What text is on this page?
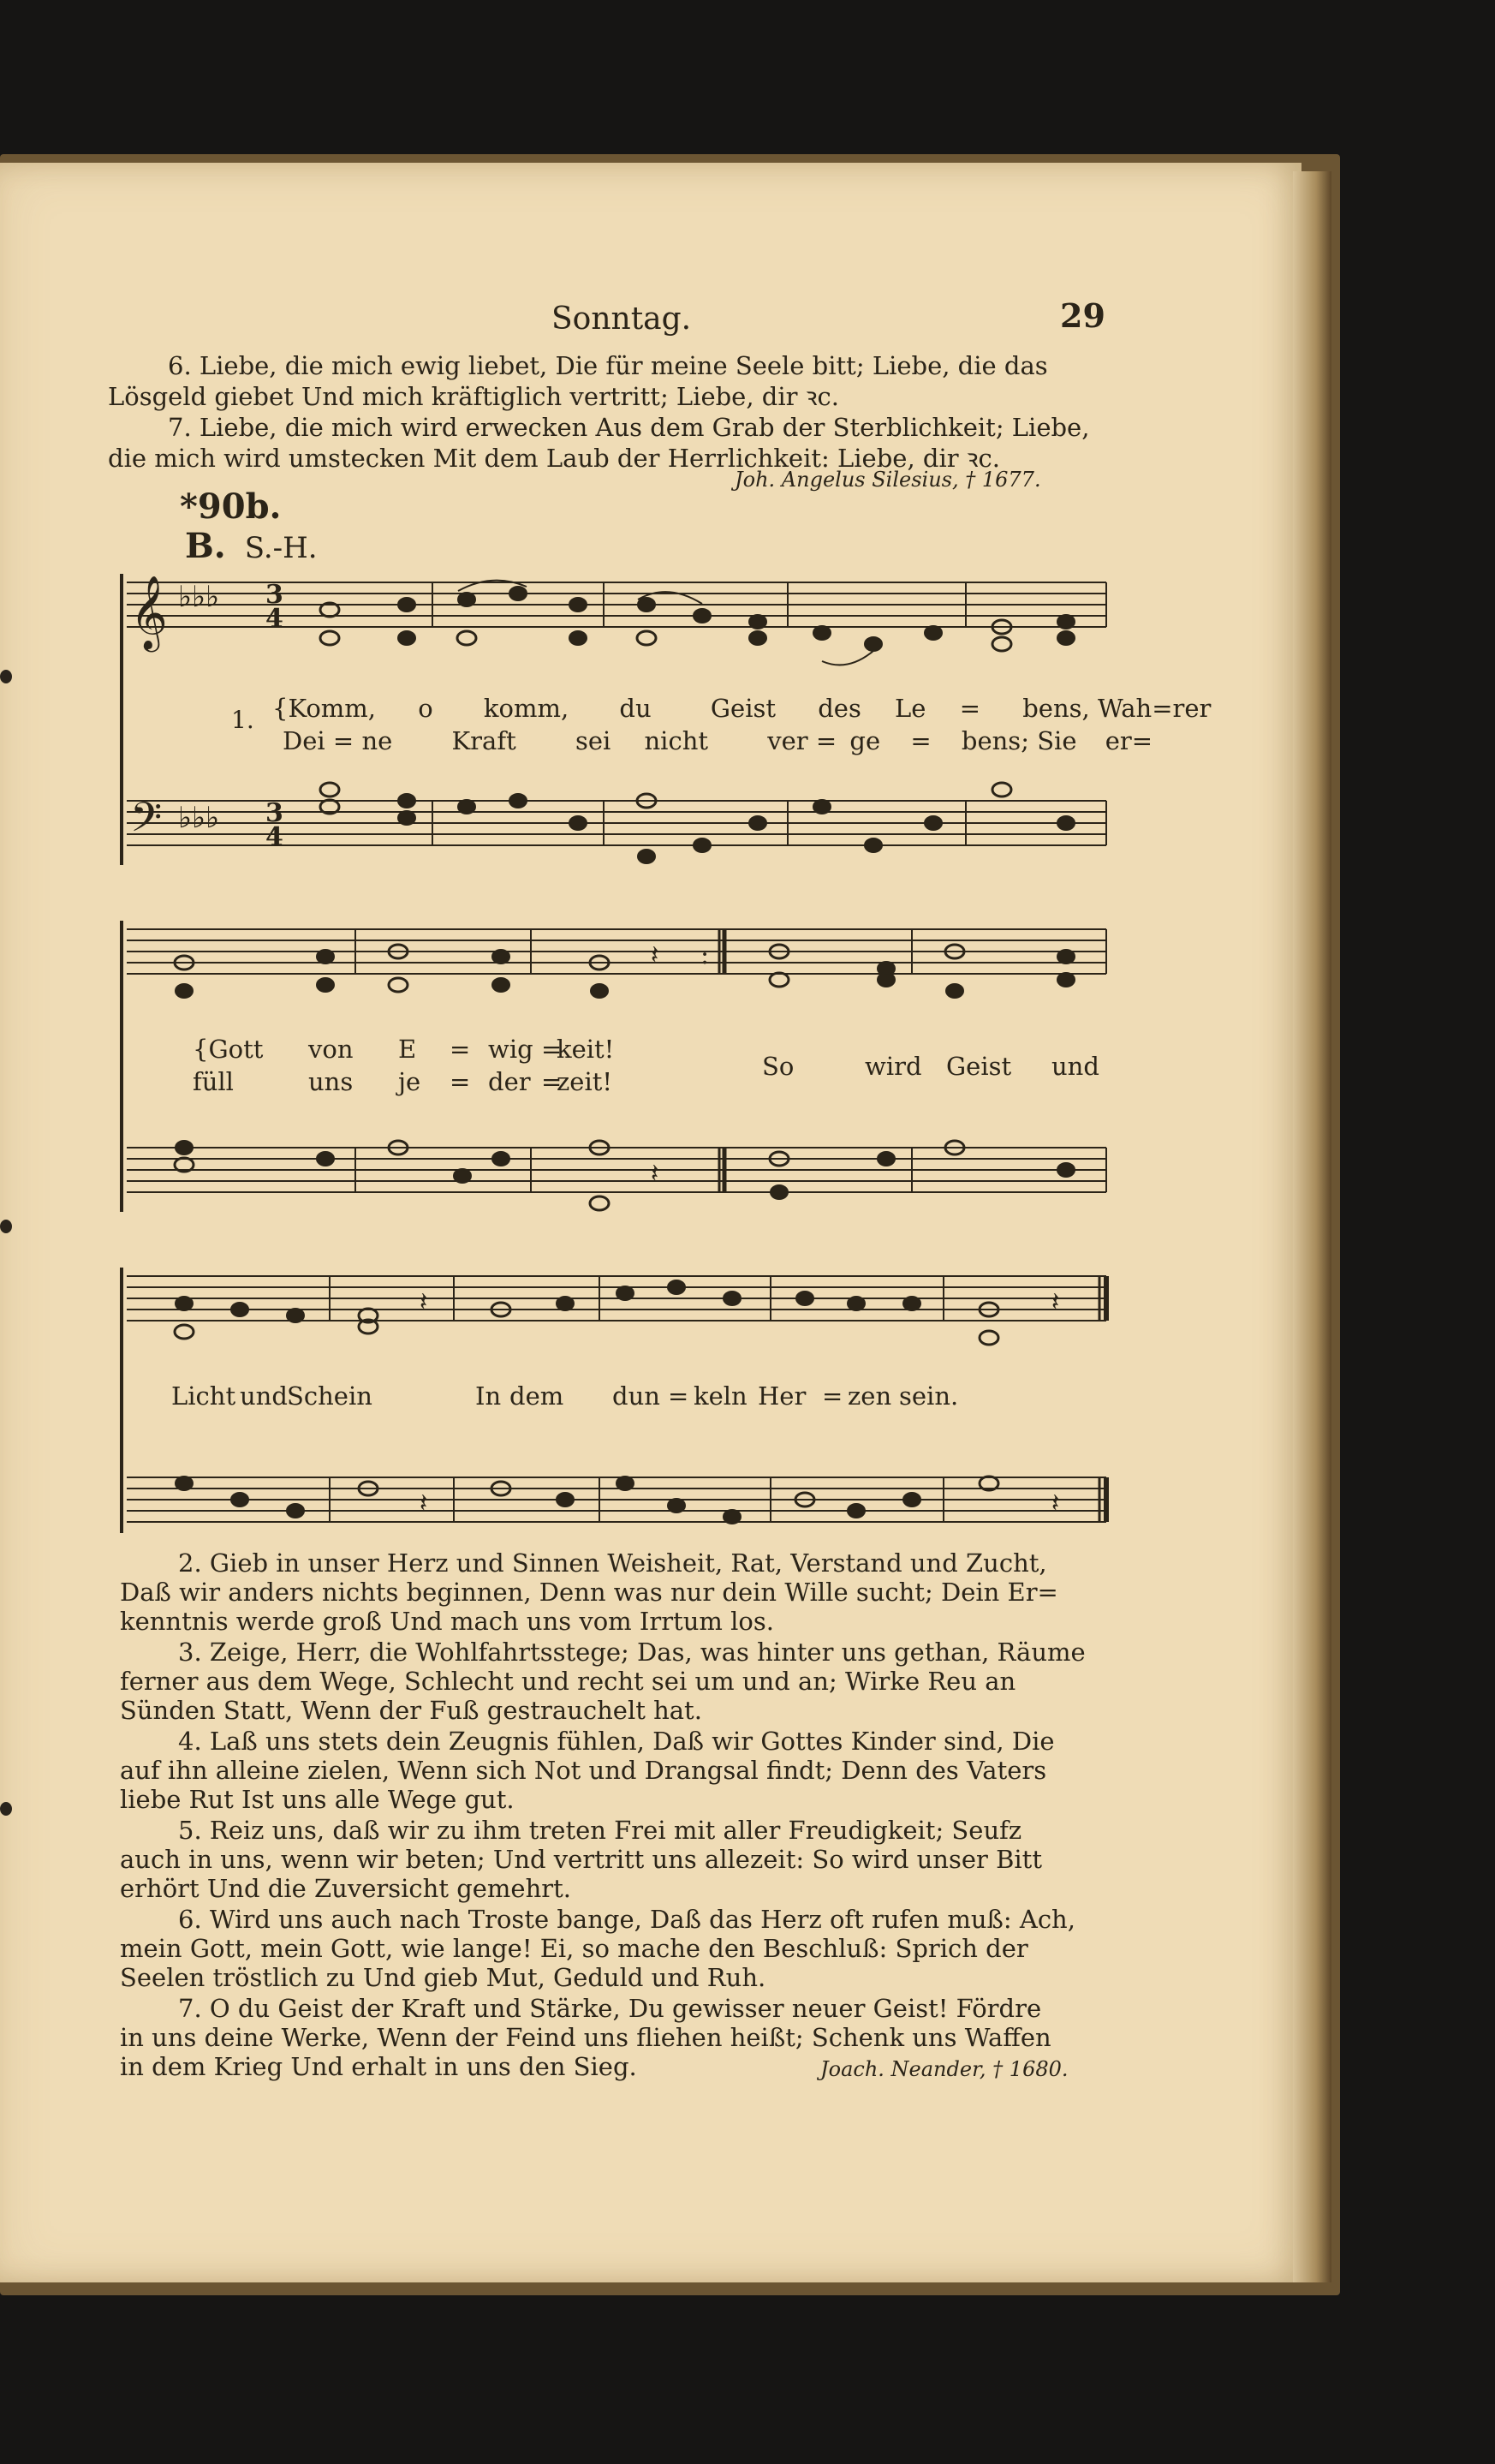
Sonntag.	29
6. Liebe, die mich ewig liebet, Die für meine Seele bitt; Liebe, die das
Lösgeld giebet Und mich kräftiglich vertritt; Liebe, dir ꝛc.
7. Liebe, die mich wird erwecken Aus dem Grab der Sterblichkeit; Liebe,
die mich wird umstecken Mit dem Laub der Herrlichkeit: Liebe, dir ꝛc.
Joh. Angelus Silesius, † 1677.
*90b.
B. S.-H.
𝄞
𝄢
♭♭♭
♭♭♭
3
4
3
4
1.
𝄽 :
{Gott von E = wig =
keit!
füll	uns je = der =
zeit!
So	wird Geist und
𝄽
𝄽	𝄽
Licht und Schein	In dem dun = keln Her = zen sein.
𝄽	𝄽
{Komm, o komm, du Geist des Le = bens, Wah=rer
Dei = ne Kraft sei nicht ver = ge = bens; Sie er=
2. Gieb in unser Herz und Sinnen Weisheit, Rat, Verstand und Zucht,
Daß wir anders nichts beginnen, Denn was nur dein Wille sucht; Dein Er=
kenntnis werde groß Und mach uns vom Irrtum los.
3. Zeige, Herr, die Wohlfahrtsstege; Das, was hinter uns gethan, Räume
ferner aus dem Wege, Schlecht und recht sei um und an; Wirke Reu an
Sünden Statt, Wenn der Fuß gestrauchelt hat.
4. Laß uns stets dein Zeugnis fühlen, Daß wir Gottes Kinder sind, Die
auf ihn alleine zielen, Wenn sich Not und Drangsal findt; Denn des Vaters
liebe Rut Ist uns alle Wege gut.
5. Reiz uns, daß wir zu ihm treten Frei mit aller Freudigkeit; Seufz
auch in uns, wenn wir beten; Und vertritt uns allezeit: So wird unser Bitt
erhört Und die Zuversicht gemehrt.
6. Wird uns auch nach Troste bange, Daß das Herz oft rufen muß: Ach,
mein Gott, mein Gott, wie lange! Ei, so mache den Beschluß: Sprich der
Seelen tröstlich zu Und gieb Mut, Geduld und Ruh.
7. O du Geist der Kraft und Stärke, Du gewisser neuer Geist! Fördre
in uns deine Werke, Wenn der Feind uns fliehen heißt; Schenk uns Waffen
in dem Krieg Und erhalt in uns den Sieg.	Joach. Neander, † 1680.
